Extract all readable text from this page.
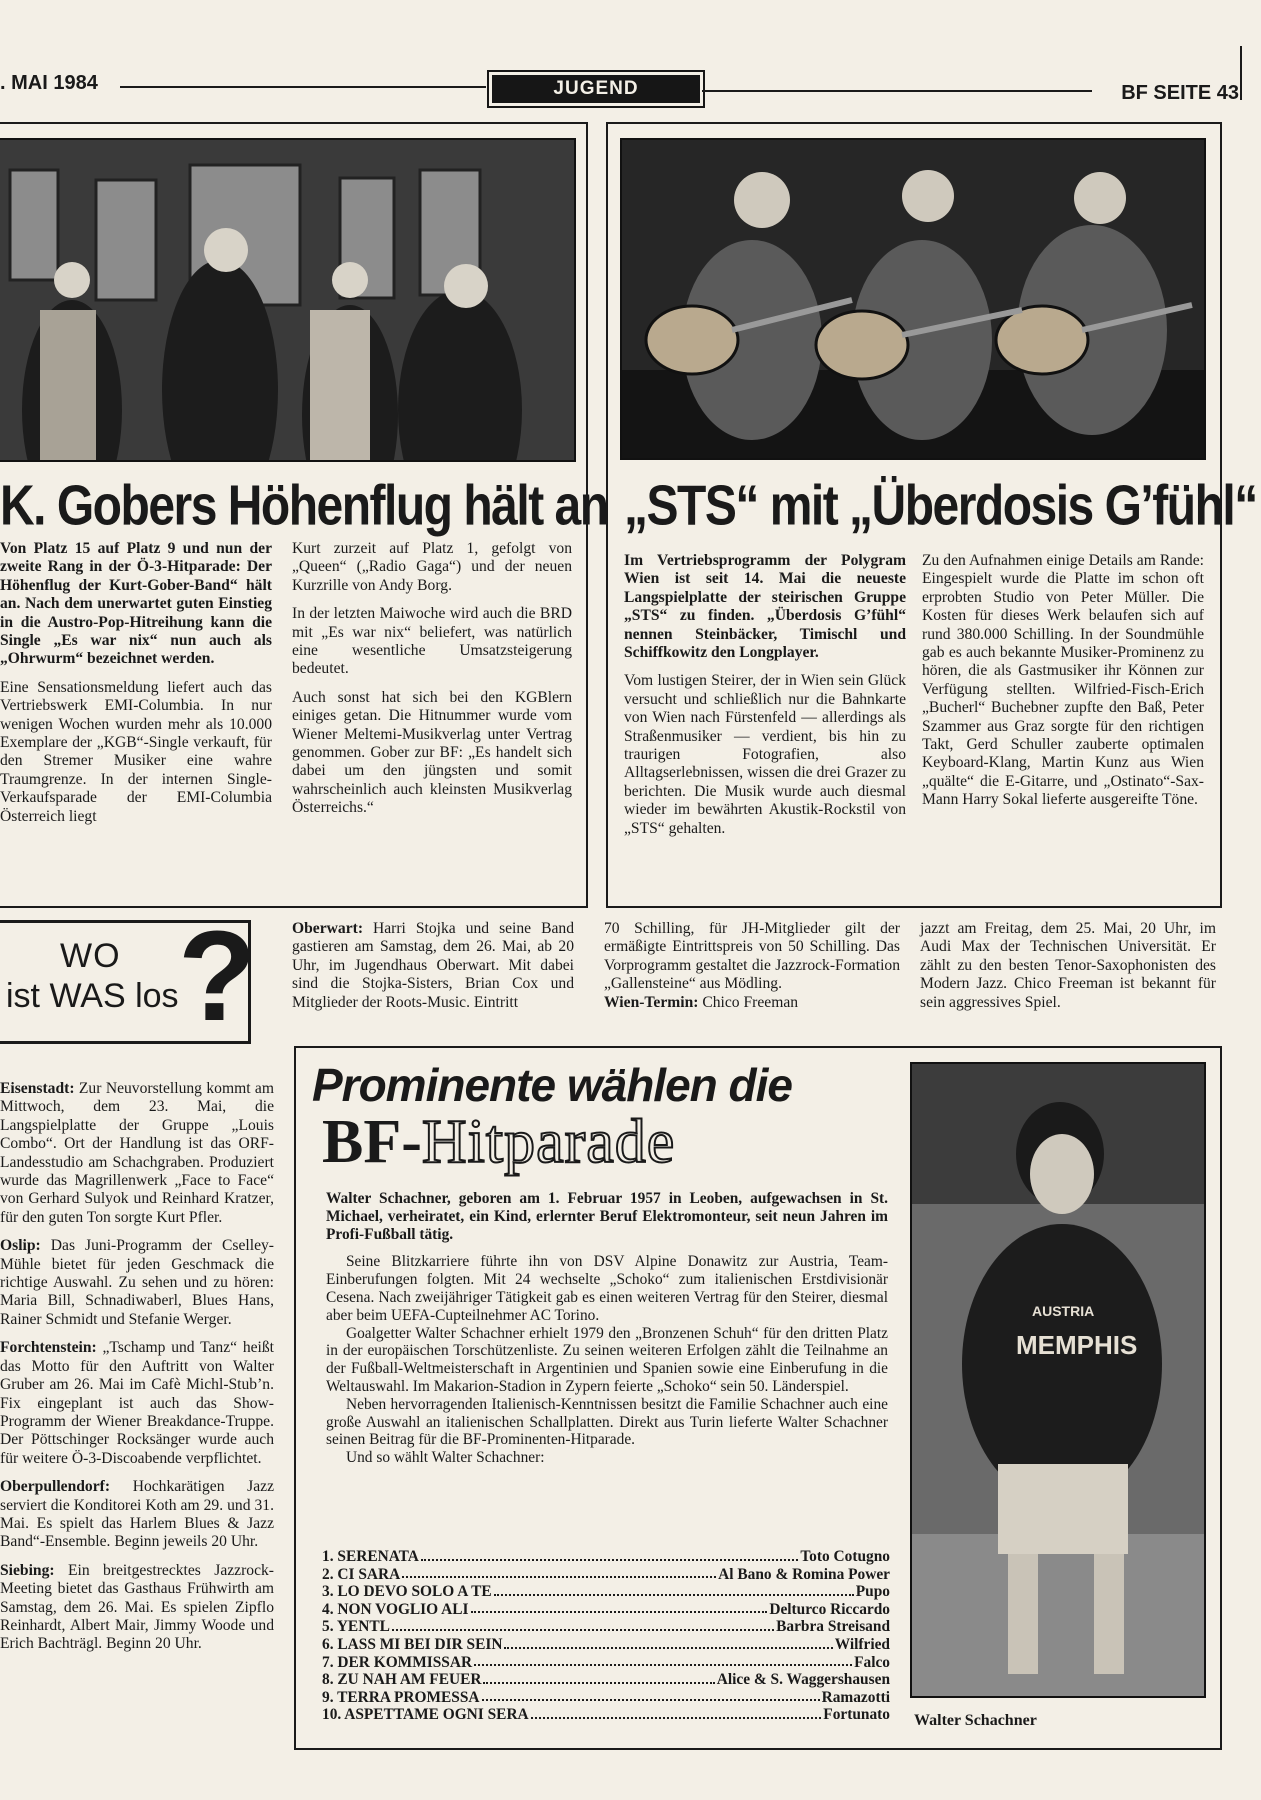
. MAI 1984	JUGEND	BF SEITE 43
K. Gobers Höhenflug hält an

Von Platz 15 auf Platz 9 und nun der zweite Rang in der Ö-3-Hitparade: Der Höhenflug der Kurt-Gober-Band“ hält an. Nach dem unerwartet guten Einstieg in die Austro-Pop-Hitreihung kann die Single „Es war nix“ nun auch als „Ohrwurm“ bezeichnet werden.

Eine Sensationsmeldung liefert auch das Vertriebswerk EMI-Columbia. In nur wenigen Wochen wurden mehr als 10.000 Exemplare der „KGB“-Single verkauft, für den Stremer Musiker eine wahre Traumgrenze. In der internen Single-Verkaufsparade der EMI-Columbia Österreich liegt

Kurt zurzeit auf Platz 1, gefolgt von „Queen“ („Radio Gaga“) und der neuen Kurzrille von Andy Borg.

In der letzten Maiwoche wird auch die BRD mit „Es war nix“ beliefert, was natürlich eine wesentliche Umsatzsteigerung bedeutet.

Auch sonst hat sich bei den KGBlern einiges getan. Die Hitnummer wurde vom Wiener Meltemi-Musikverlag unter Vertrag genommen. Gober zur BF: „Es handelt sich dabei um den jüngsten und somit wahrscheinlich auch kleinsten Musikverlag Österreichs.“

„STS“ mit „Überdosis G’fühl“

Im Vertriebsprogramm der Polygram Wien ist seit 14. Mai die neueste Langspielplatte der steirischen Gruppe „STS“ zu finden. „Überdosis G’fühl“ nennen Steinbäcker, Timischl und Schiffkowitz den Longplayer.

Vom lustigen Steirer, der in Wien sein Glück versucht und schließlich nur die Bahnkarte von Wien nach Fürstenfeld — allerdings als Straßenmusiker — verdient, bis hin zu traurigen Fotografien, also Alltagserlebnissen, wissen die drei Grazer zu berichten. Die Musik wurde auch diesmal wieder im bewährten Akustik-Rockstil von „STS“ gehalten.

Zu den Aufnahmen einige Details am Rande: Eingespielt wurde die Platte im schon oft erprobten Studio von Peter Müller. Die Kosten für dieses Werk belaufen sich auf rund 380.000 Schilling. In der Soundmühle gab es auch bekannte Musiker-Prominenz zu hören, die als Gastmusiker ihr Können zur Verfügung stellten. Wilfried-Fisch-Erich „Bucherl“ Buchebner zupfte den Baß, Peter Szammer aus Graz sorgte für den richtigen Takt, Gerd Schuller zauberte optimalen Keyboard-Klang, Martin Kunz aus Wien „quälte“ die E-Gitarre, und „Ostinato“-Sax-Mann Harry Sokal lieferte ausgereifte Töne.

WO
ist WAS los ?

Eisenstadt: Zur Neuvorstellung kommt am Mittwoch, dem 23. Mai, die Langspielplatte der Gruppe „Louis Combo“. Ort der Handlung ist das ORF-Landesstudio am Schachgraben. Produziert wurde das Magrillenwerk „Face to Face“ von Gerhard Sulyok und Reinhard Kratzer, für den guten Ton sorgte Kurt Pfler.

Oslip: Das Juni-Programm der Cselley-Mühle bietet für jeden Geschmack die richtige Auswahl. Zu sehen und zu hören: Maria Bill, Schnadiwaberl, Blues Hans, Rainer Schmidt und Stefanie Werger.

Forchtenstein: „Tschamp und Tanz“ heißt das Motto für den Auftritt von Walter Gruber am 26. Mai im Cafè Michl-Stub’n. Fix eingeplant ist auch das Show-Programm der Wiener Breakdance-Truppe. Der Pöttschinger Rocksänger wurde auch für weitere Ö-3-Discoabende verpflichtet.

Oberpullendorf: Hochkarätigen Jazz serviert die Konditorei Koth am 29. und 31. Mai. Es spielt das Harlem Blues & Jazz Band“-Ensemble. Beginn jeweils 20 Uhr.

Siebing: Ein breitgestrecktes Jazzrock-Meeting bietet das Gasthaus Frühwirth am Samstag, dem 26. Mai. Es spielen Zipflo Reinhardt, Albert Mair, Jimmy Woode und Erich Bachträgl. Beginn 20 Uhr.

Oberwart: Harri Stojka und seine Band gastieren am Samstag, dem 26. Mai, ab 20 Uhr, im Jugendhaus Oberwart. Mit dabei sind die Stojka-Sisters, Brian Cox und Mitglieder der Roots-Music. Eintritt

70 Schilling, für JH-Mitglieder gilt der ermäßigte Eintrittspreis von 50 Schilling. Das Vorprogramm gestaltet die Jazzrock-Formation „Gallensteine“ aus Mödling.

Wien-Termin: Chico Freeman

jazzt am Freitag, dem 25. Mai, 20 Uhr, im Audi Max der Technischen Universität. Er zählt zu den besten Tenor-Saxophonisten des Modern Jazz. Chico Freeman ist bekannt für sein aggressives Spiel.

Prominente wählen die
BF-Hitparade

Walter Schachner, geboren am 1. Februar 1957 in Leoben, aufgewachsen in St. Michael, verheiratet, ein Kind, erlernter Beruf Elektromonteur, seit neun Jahren im Profi-Fußball tätig.

Seine Blitzkarriere führte ihn von DSV Alpine Donawitz zur Austria, Team-Einberufungen folgten. Mit 24 wechselte „Schoko“ zum italienischen Erstdivisionär Cesena. Nach zweijähriger Tätigkeit gab es einen weiteren Vertrag für den Steirer, diesmal aber beim UEFA-Cupteilnehmer AC Torino.

Goalgetter Walter Schachner erhielt 1979 den „Bronzenen Schuh“ für den dritten Platz in der europäischen Torschützenliste. Zu seinen weiteren Erfolgen zählt die Teilnahme an der Fußball-Weltmeisterschaft in Argentinien und Spanien sowie eine Einberufung in die Weltauswahl. Im Makarion-Stadion in Zypern feierte „Schoko“ sein 50. Länderspiel.

Neben hervorragenden Italienisch-Kenntnissen besitzt die Familie Schachner auch eine große Auswahl an italienischen Schallplatten. Direkt aus Turin lieferte Walter Schachner seinen Beitrag für die BF-Prominenten-Hitparade.

Und so wählt Walter Schachner:

1. SERENATA	Toto Cotugno
2. CI SARA	Al Bano & Romina Power
3. LO DEVO SOLO A TE	Pupo
4. NON VOGLIO ALI	Delturco Riccardo
5. YENTL	Barbra Streisand
6. LASS MI BEI DIR SEIN	Wilfried
7. DER KOMMISSAR	Falco
8. ZU NAH AM FEUER	Alice & S. Waggershausen
9. TERRA PROMESSA	Ramazotti
10. ASPETTAME OGNI SERA	Fortunato
AUSTRIA
MEMPHIS
Walter Schachner
